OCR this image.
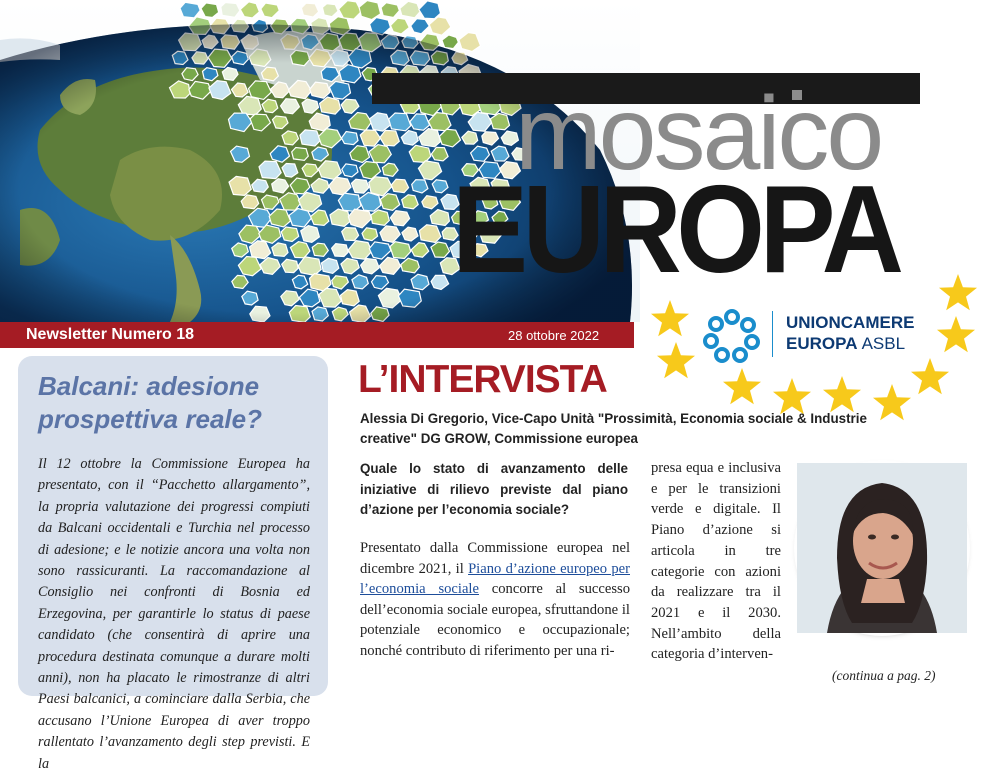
mosaico
EUROPA
Newsletter Numero 18	28 ottobre 2022
UNIONCAMERE
EUROPA ASBL
Balcani: adesione prospettiva reale?

Il 12 ottobre la Commissione Europea ha presentato, con il “Pacchetto allargamento”, la propria valutazione dei progressi compiuti da Balcani occidentali e Turchia nel processo di adesione; e le notizie ancora una volta non sono rassicuranti. La raccomandazione al Consiglio nei confronti di Bosnia ed Erzegovina, per garantirle lo status di paese candidato (che consentirà di aprire una procedura destinata comunque a durare molti anni), non ha placato le rimostranze di altri Paesi balcanici, a cominciare dalla Serbia, che accusano l’Unione Europea di aver troppo rallentato l’avanzamento degli step previsti. E la

L’INTERVISTA
Alessia Di Gregorio, Vice-Capo Unità "Prossimità, Economia sociale & Industrie creative" DG GROW, Commissione europea

Quale lo stato di avanzamento delle iniziative di rilievo previste dal piano d’azione per l’economia sociale?

Presentato dalla Commissione europea nel dicembre 2021, il Piano d’azione europeo per l’economia sociale concorre al successo dell’economia sociale europea, sfruttandone il potenziale economico e occupazionale; nonché contributo di riferimento per una ri-

presa equa e inclusiva e per le transizioni verde e digitale. Il Piano d’azione si articola in tre categorie con azioni da realizzare tra il 2021 e il 2030. Nell’ambito della categoria d’interven-

(continua a pag. 2)
